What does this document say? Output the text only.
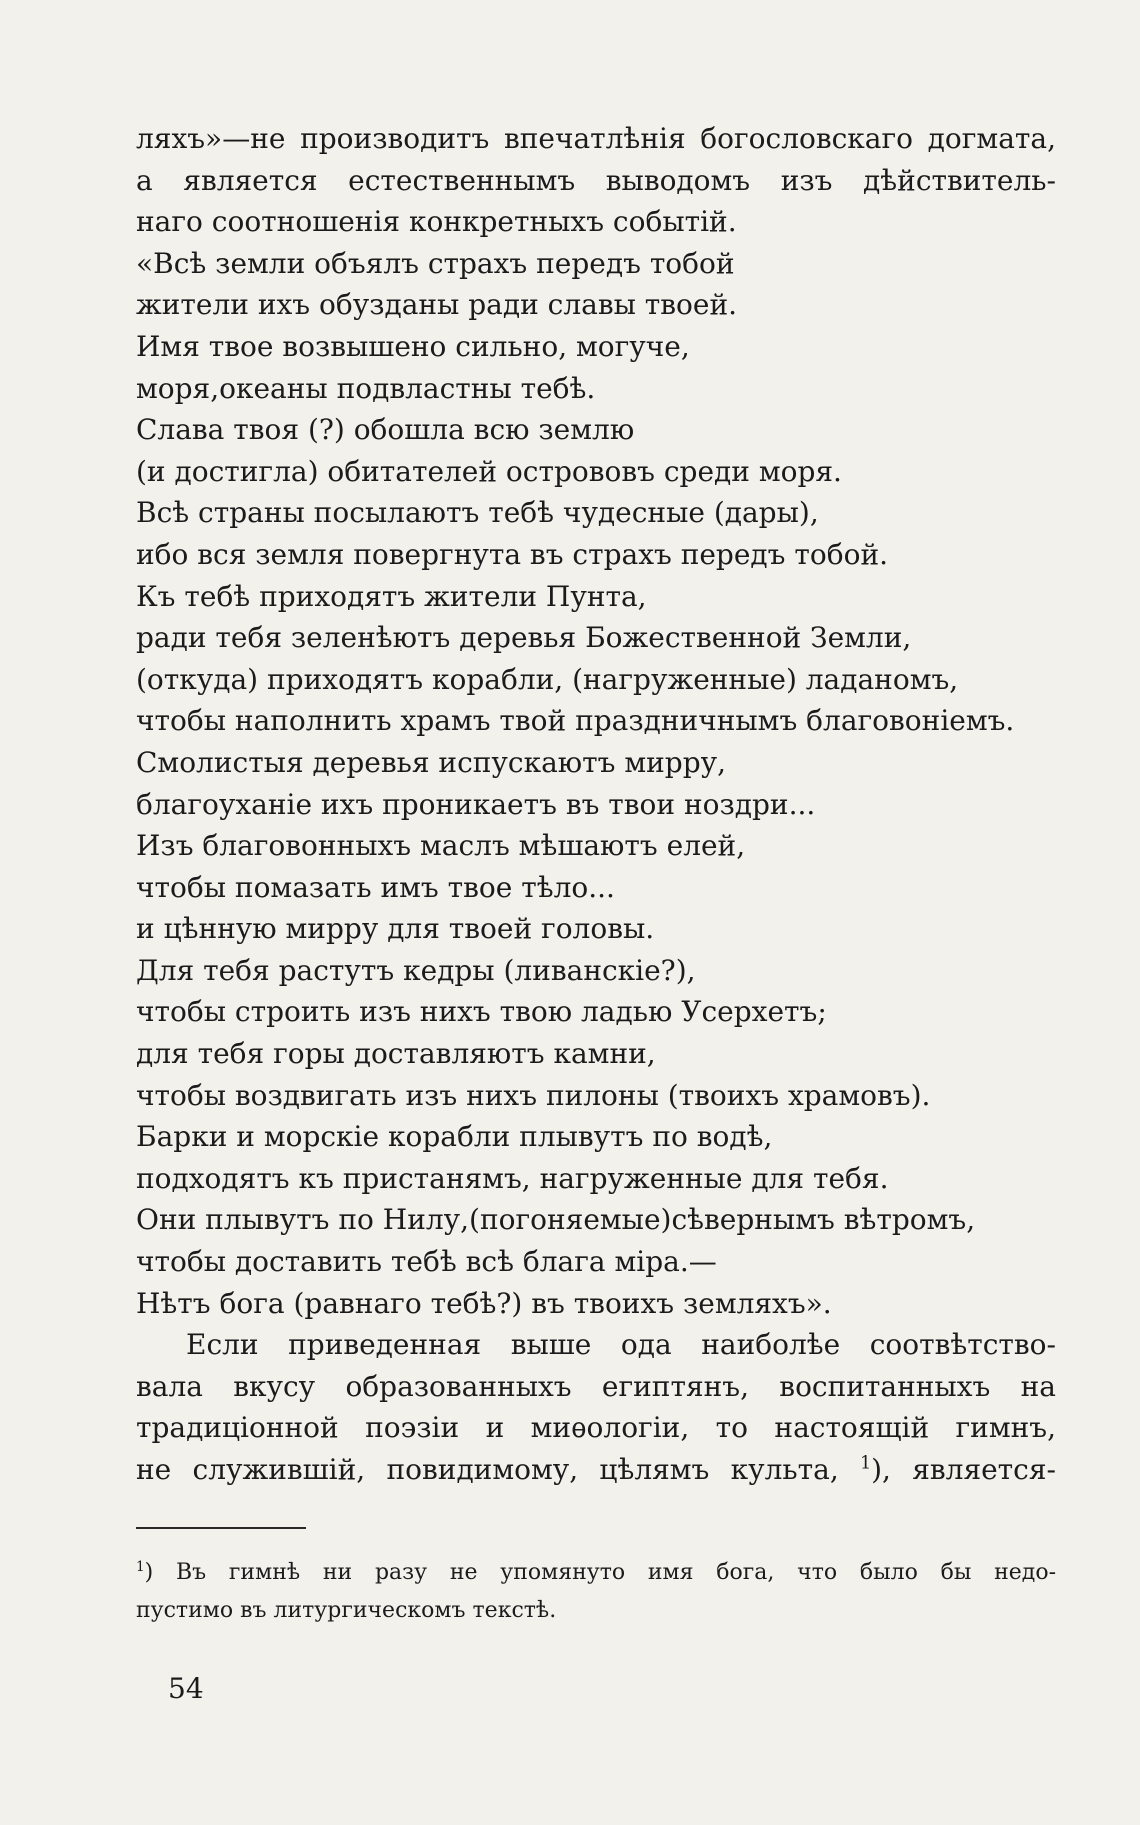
ляхъ»—не производитъ впечатлѣнія богословскаго догмата,
а является естественнымъ выводомъ изъ дѣйствитель-
наго соотношенія конкретныхъ событій.
«Всѣ земли объялъ страхъ передъ тобой
жители ихъ обузданы ради славы твоей.
Имя твое возвышено сильно, могуче,
моря,океаны подвластны тебѣ.
Слава твоя (?) обошла всю землю
(и достигла) обитателей острововъ среди моря.
Всѣ страны посылаютъ тебѣ чудесные (дары),
ибо вся земля повергнута въ страхъ передъ тобой.
Къ тебѣ приходятъ жители Пунта,
ради тебя зеленѣютъ деревья Божественной Земли,
(откуда) приходятъ корабли, (нагруженные) ладаномъ,
чтобы наполнить храмъ твой праздничнымъ благовоніемъ.
Смолистыя деревья испускаютъ мирру,
благоуханіе ихъ проникаетъ въ твои ноздри...
Изъ благовонныхъ маслъ мѣшаютъ елей,
чтобы помазать имъ твое тѣло...
и цѣнную мирру для твоей головы.
Для тебя растутъ кедры (ливанскіе?),
чтобы строить изъ нихъ твою ладью Усерхетъ;
для тебя горы доставляютъ камни,
чтобы воздвигать изъ нихъ пилоны (твоихъ храмовъ).
Барки и морскіе корабли плывутъ по водѣ,
подходятъ къ пристанямъ, нагруженные для тебя.
Они плывутъ по Нилу,(погоняемые)сѣвернымъ вѣтромъ,
чтобы доставить тебѣ всѣ блага міра.—
Нѣтъ бога (равнаго тебѣ?) въ твоихъ земляхъ».
Если приведенная выше ода наиболѣе соотвѣтство-
вала вкусу образованныхъ египтянъ, воспитанныхъ на
традиціонной поэзіи и миѳологіи, то настоящій гимнъ,
не служившій, повидимому, цѣлямъ культа, $^1$), является-
$^1$) Въ гимнѣ ни разу не упомянуто имя бога, что было бы недо-
пустимо въ литургическомъ текстѣ.
54
